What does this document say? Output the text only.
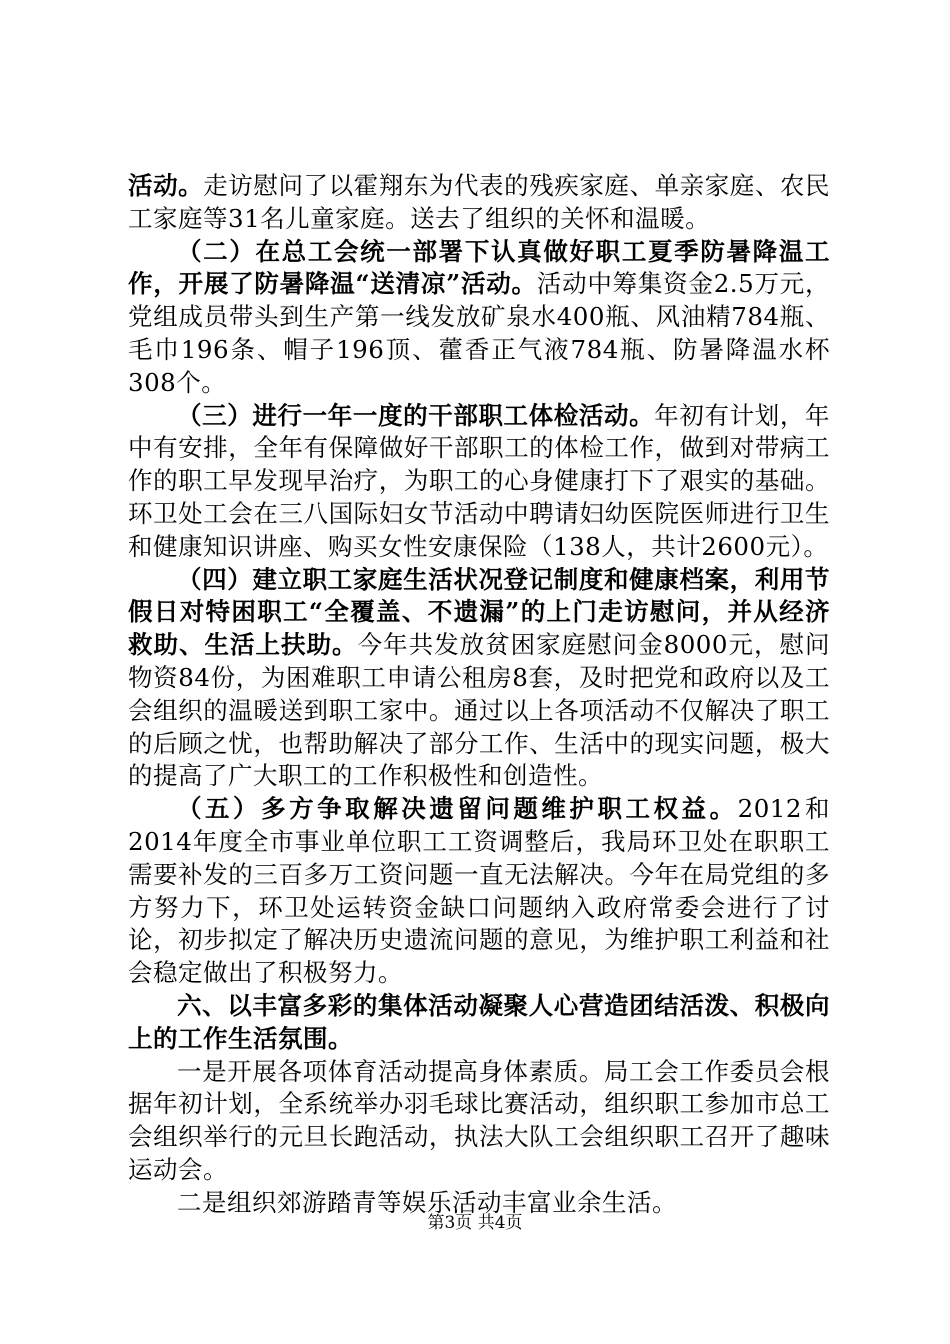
活动。走访慰问了以霍翔东为代表的残疾家庭、单亲家庭、农民工家庭等31名儿童家庭。送去了组织的关怀和温暖。

（二）在总工会统一部署下认真做好职工夏季防暑降温工作，开展了防暑降温“送清凉”活动。活动中筹集资金2.5万元，党组成员带头到生产第一线发放矿泉水400瓶、风油精784瓶、毛巾196条、帽子196顶、藿香正气液784瓶、防暑降温水杯308个。

（三）进行一年一度的干部职工体检活动。年初有计划，年中有安排，全年有保障做好干部职工的体检工作，做到对带病工作的职工早发现早治疗，为职工的心身健康打下了艰实的基础。环卫处工会在三八国际妇女节活动中聘请妇幼医院医师进行卫生和健康知识讲座、购买女性安康保险（138人，共计2600元）。

（四）建立职工家庭生活状况登记制度和健康档案，利用节假日对特困职工“全覆盖、不遗漏”的上门走访慰问，并从经济救助、生活上扶助。今年共发放贫困家庭慰问金8000元，慰问物资84份，为困难职工申请公租房8套，及时把党和政府以及工会组织的温暖送到职工家中。通过以上各项活动不仅解决了职工的后顾之忧，也帮助解决了部分工作、生活中的现实问题，极大的提高了广大职工的工作积极性和创造性。

（五）多方争取解决遗留问题维护职工权益。2012和2014年度全市事业单位职工工资调整后，我局环卫处在职职工需要补发的三百多万工资问题一直无法解决。今年在局党组的多方努力下，环卫处运转资金缺口问题纳入政府常委会进行了讨论，初步拟定了解决历史遗流问题的意见，为维护职工利益和社会稳定做出了积极努力。

六、以丰富多彩的集体活动凝聚人心营造团结活泼、积极向上的工作生活氛围。

一是开展各项体育活动提高身体素质。局工会工作委员会根据年初计划，全系统举办羽毛球比赛活动，组织职工参加市总工会组织举行的元旦长跑活动，执法大队工会组织职工召开了趣味运动会。

二是组织郊游踏青等娱乐活动丰富业余生活。

第3页 共4页
